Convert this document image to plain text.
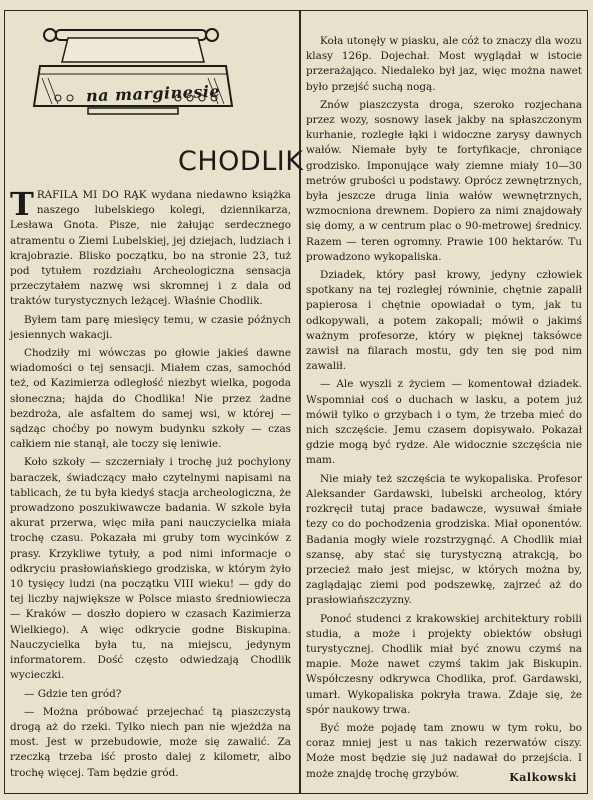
na marginesie
CHODLIK

TRAFILA MI DO RĄK wydana niedawno książka naszego lubelskiego kolegi, dziennikarza, Lesława Gnota. Pisze, nie żałując serdecznego atramentu o Ziemi Lubelskiej, jej dziejach, ludziach i krajobrazie. Blisko początku, bo na stronie 23, tuż pod tytułem rozdziału Archeologiczna sensacja przeczytałem nazwę wsi skromnej i z dala od traktów turystycznych leżącej. Właśnie Chodlik.

Byłem tam parę miesięcy temu, w czasie późnych jesiennych wakacji.

Chodziły mi wówczas po głowie jakieś dawne wiadomości o tej sensacji. Miałem czas, samochód też, od Kazimierza odległość niezbyt wielka, pogoda słoneczna; hajda do Chodlika! Nie przez żadne bezdroża, ale asfaltem do samej wsi, w której — sądząc choćby po nowym budynku szkoły — czas całkiem nie stanął, ale toczy się leniwie.

Koło szkoły — szczerniały i trochę już pochylony baraczek, świadczący mało czytelnymi napisami na tablicach, że tu była kiedyś stacja archeologiczna, że prowadzono poszukiwawcze badania. W szkole była akurat przerwa, więc miła pani nauczycielka miała trochę czasu. Pokazała mi gruby tom wycinków z prasy. Krzykliwe tytuły, a pod nimi informacje o odkryciu prasłowiańskiego grodziska, w którym żyło 10 tysięcy ludzi (na początku VIII wieku! — gdy do tej liczby największe w Polsce miasto średniowiecza — Kraków — doszło dopiero w czasach Kazimierza Wielkiego). A więc odkrycie godne Biskupina. Nauczycielka była tu, na miejscu, jedynym informatorem. Dość często odwiedzają Chodlik wycieczki.

— Gdzie ten gród?

— Można próbować przejechać tą piaszczystą drogą aż do rzeki. Tylko niech pan nie wjeżdża na most. Jest w przebudowie, może się zawalić. Za rzeczką trzeba iść prosto dalej z kilometr, albo trochę więcej. Tam będzie gród.

Koła utonęły w piasku, ale cóż to znaczy dla wozu klasy 126p. Dojechał. Most wyglądał w istocie przerażająco. Niedaleko był jaz, więc można nawet było przejść suchą nogą.

Znów piaszczysta droga, szeroko rozjechana przez wozy, sosnowy lasek jakby na spłaszczonym kurhanie, rozległe łąki i widoczne zarysy dawnych wałów. Niemałe były te fortyfikacje, chroniące grodzisko. Imponujące wały ziemne miały 10—30 metrów grubości u podstawy. Oprócz zewnętrznych, była jeszcze druga linia wałów wewnętrznych, wzmocniona drewnem. Dopiero za nimi znajdowały się domy, a w centrum plac o 90-metrowej średnicy. Razem — teren ogromny. Prawie 100 hektarów. Tu prowadzono wykopaliska.

Dziadek, który pasł krowy, jedyny człowiek spotkany na tej rozległej równinie, chętnie zapalił papierosa i chętnie opowiadał o tym, jak tu odkopywali, a potem zakopali; mówił o jakimś ważnym profesorze, który w pięknej taksówce zawisł na filarach mostu, gdy ten się pod nim zawalił.

— Ale wyszli z życiem — komentował dziadek. Wspomniał coś o duchach w lasku, a potem już mówił tylko o grzybach i o tym, że trzeba mieć do nich szczęście. Jemu czasem dopisywało. Pokazał gdzie mogą być rydze. Ale widocznie szczęścia nie mam.

Nie miały też szczęścia te wykopaliska. Profesor Aleksander Gardawski, lubelski archeolog, który rozkręcił tutaj prace badawcze, wysuwał śmiałe tezy co do pochodzenia grodziska. Miał oponentów. Badania mogły wiele rozstrzygnąć. A Chodlik miał szansę, aby stać się turystyczną atrakcją, bo przecież mało jest miejsc, w których można by, zaglądając ziemi pod podszewkę, zajrzeć aż do prasłowiańszczyzny.

Ponoć studenci z krakowskiej architektury robili studia, a może i projekty obiektów obsługi turystycznej. Chodlik miał być znowu czymś na mapie. Może nawet czymś takim jak Biskupin. Współczesny odkrywca Chodlika, prof. Gardawski, umarł. Wykopaliska pokryła trawa. Zdaje się, że spór naukowy trwa.

Być może pojadę tam znowu w tym roku, bo coraz mniej jest u nas takich rezerwatów ciszy. Może most będzie się już nadawał do przejścia. I może znajdę trochę grzybów.	Kalkowski
